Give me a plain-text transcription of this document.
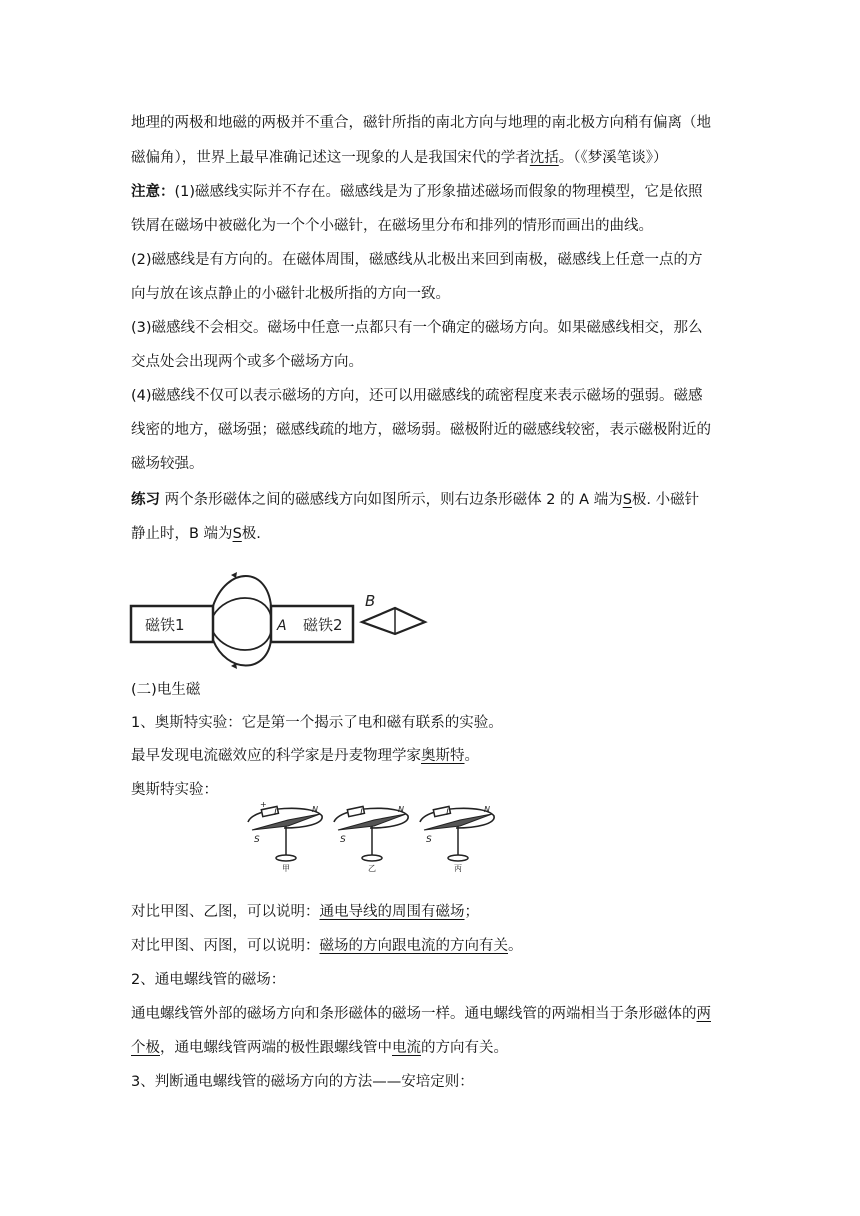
地理的两极和地磁的两极并不重合，磁针所指的南北方向与地理的南北极方向稍有偏离（地
磁偏角），世界上最早准确记述这一现象的人是我国宋代的学者沈括。（《梦溪笔谈》）
注意：(1)磁感线实际并不存在。磁感线是为了形象描述磁场而假象的物理模型，它是依照
铁屑在磁场中被磁化为一个个小磁针，在磁场里分布和排列的情形而画出的曲线。
(2)磁感线是有方向的。在磁体周围，磁感线从北极出来回到南极，磁感线上任意一点的方
向与放在该点静止的小磁针北极所指的方向一致。
(3)磁感线不会相交。磁场中任意一点都只有一个确定的磁场方向。如果磁感线相交，那么
交点处会出现两个或多个磁场方向。
(4)磁感线不仅可以表示磁场的方向，还可以用磁感线的疏密程度来表示磁场的强弱。磁感
线密的地方，磁场强；磁感线疏的地方，磁场弱。磁极附近的磁感线较密，表示磁极附近的
磁场较强。
练习 两个条形磁体之间的磁感线方向如图所示，则右边条形磁体 2 的 A 端为S极. 小磁针
静止时，B 端为S极.
(二)电生磁
1、奥斯特实验：它是第一个揭示了电和磁有联系的实验。
最早发现电流磁效应的科学家是丹麦物理学家奥斯特。
奥斯特实验：
对比甲图、乙图，可以说明：通电导线的周围有磁场；
对比甲图、丙图，可以说明：磁场的方向跟电流的方向有关。
2、通电螺线管的磁场：
通电螺线管外部的磁场方向和条形磁体的磁场一样。通电螺线管的两端相当于条形磁体的两
个极，通电螺线管两端的极性跟螺线管中电流的方向有关。
3、判断通电螺线管的磁场方向的方法——安培定则：
磁铁1	A 磁铁2
B
I	N
S
甲
+
I	N
S
乙
I	N
S
丙
